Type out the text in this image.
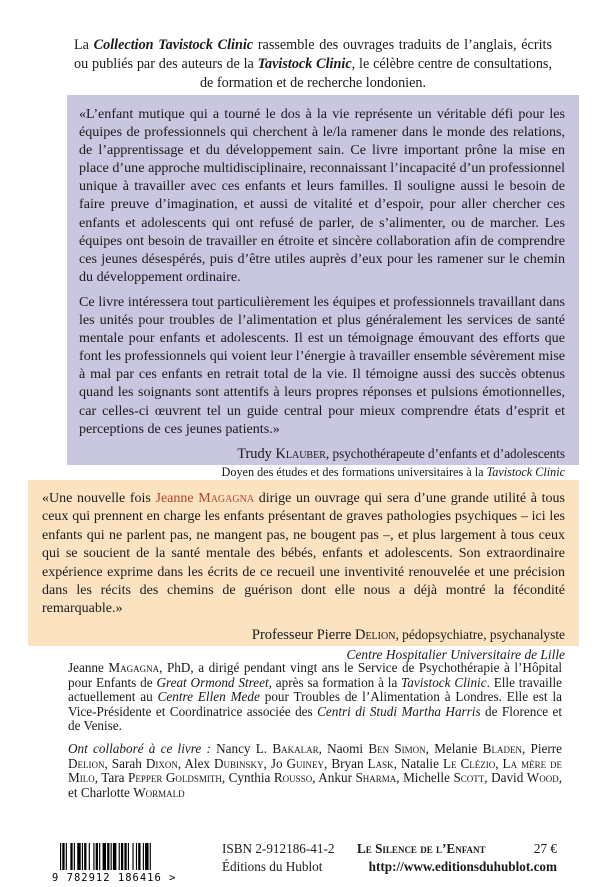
La Collection Tavistock Clinic rassemble des ouvrages traduits de l’anglais, écrits ou publiés par des auteurs de la Tavistock Clinic, le célèbre centre de consultations, de formation et de recherche londonien.

«L’enfant mutique qui a tourné le dos à la vie représente un véritable défi pour les équipes de professionnels qui cherchent à le/la ramener dans le monde des relations, de l’apprentissage et du développement sain. Ce livre important prône la mise en place d’une approche multidisciplinaire, reconnaissant l’incapacité d’un professionnel unique à travailler avec ces enfants et leurs familles. Il souligne aussi le besoin de faire preuve d’imagination, et aussi de vitalité et d’espoir, pour aller chercher ces enfants et adolescents qui ont refusé de parler, de s’alimenter, ou de marcher. Les équipes ont besoin de travailler en étroite et sincère collaboration afin de comprendre ces jeunes désespérés, puis d’être utiles auprès d’eux pour les ramener sur le chemin du développement ordinaire.

Ce livre intéressera tout particulièrement les équipes et professionnels travaillant dans les unités pour troubles de l’alimentation et plus généralement les services de santé mentale pour enfants et adolescents. Il est un témoignage émouvant des efforts que font les professionnels qui voient leur l’énergie à travailler ensemble sévèrement mise à mal par ces enfants en retrait total de la vie. Il témoigne aussi des succès obtenus quand les soignants sont attentifs à leurs propres réponses et pulsions émotionnelles, car celles-ci œuvrent tel un guide central pour mieux comprendre états d’esprit et perceptions de ces jeunes patients.»

Trudy Klauber, psychothérapeute d’enfants et d’adolescents
Doyen des études et des formations universitaires à la Tavistock Clinic

«Une nouvelle fois Jeanne Magagna dirige un ouvrage qui sera d’une grande utilité à tous ceux qui prennent en charge les enfants présentant de graves pathologies psychiques – ici les enfants qui ne parlent pas, ne mangent pas, ne bougent pas –, et plus largement à tous ceux qui se soucient de la santé mentale des bébés, enfants et adolescents. Son extraordinaire expérience exprime dans les écrits de ce recueil une inventivité renouvelée et une précision dans les récits des chemins de guérison dont elle nous a déjà montré la fécondité remarquable.»

Professeur Pierre Delion, pédopsychiatre, psychanalyste
Centre Hospitalier Universitaire de Lille

Jeanne Magagna, PhD, a dirigé pendant vingt ans le Service de Psychothérapie à l’Hôpital pour Enfants de Great Ormond Street, après sa formation à la Tavistock Clinic. Elle travaille actuellement au Centre Ellen Mede pour Troubles de l’Alimentation à Londres. Elle est la Vice-Présidente et Coordinatrice associée des Centri di Studi Martha Harris de Florence et de Venise.

Ont collaboré à ce livre : Nancy L. Bakalar, Naomi Ben Simon, Melanie Bladen, Pierre Delion, Sarah Dixon, Alex Dubinsky, Jo Guiney, Bryan Lask, Natalie Le Clézio, La mère de Milo, Tara Pepper Goldsmith, Cynthia Rousso, Ankur Sharma, Michelle Scott, David Wood, et Charlotte Wormald

9 782912 186416 >
ISBN 2-912186-41-2
Éditions du Hublot
Le Silence de l’Enfant	27 €
http://www.editionsduhublot.com
